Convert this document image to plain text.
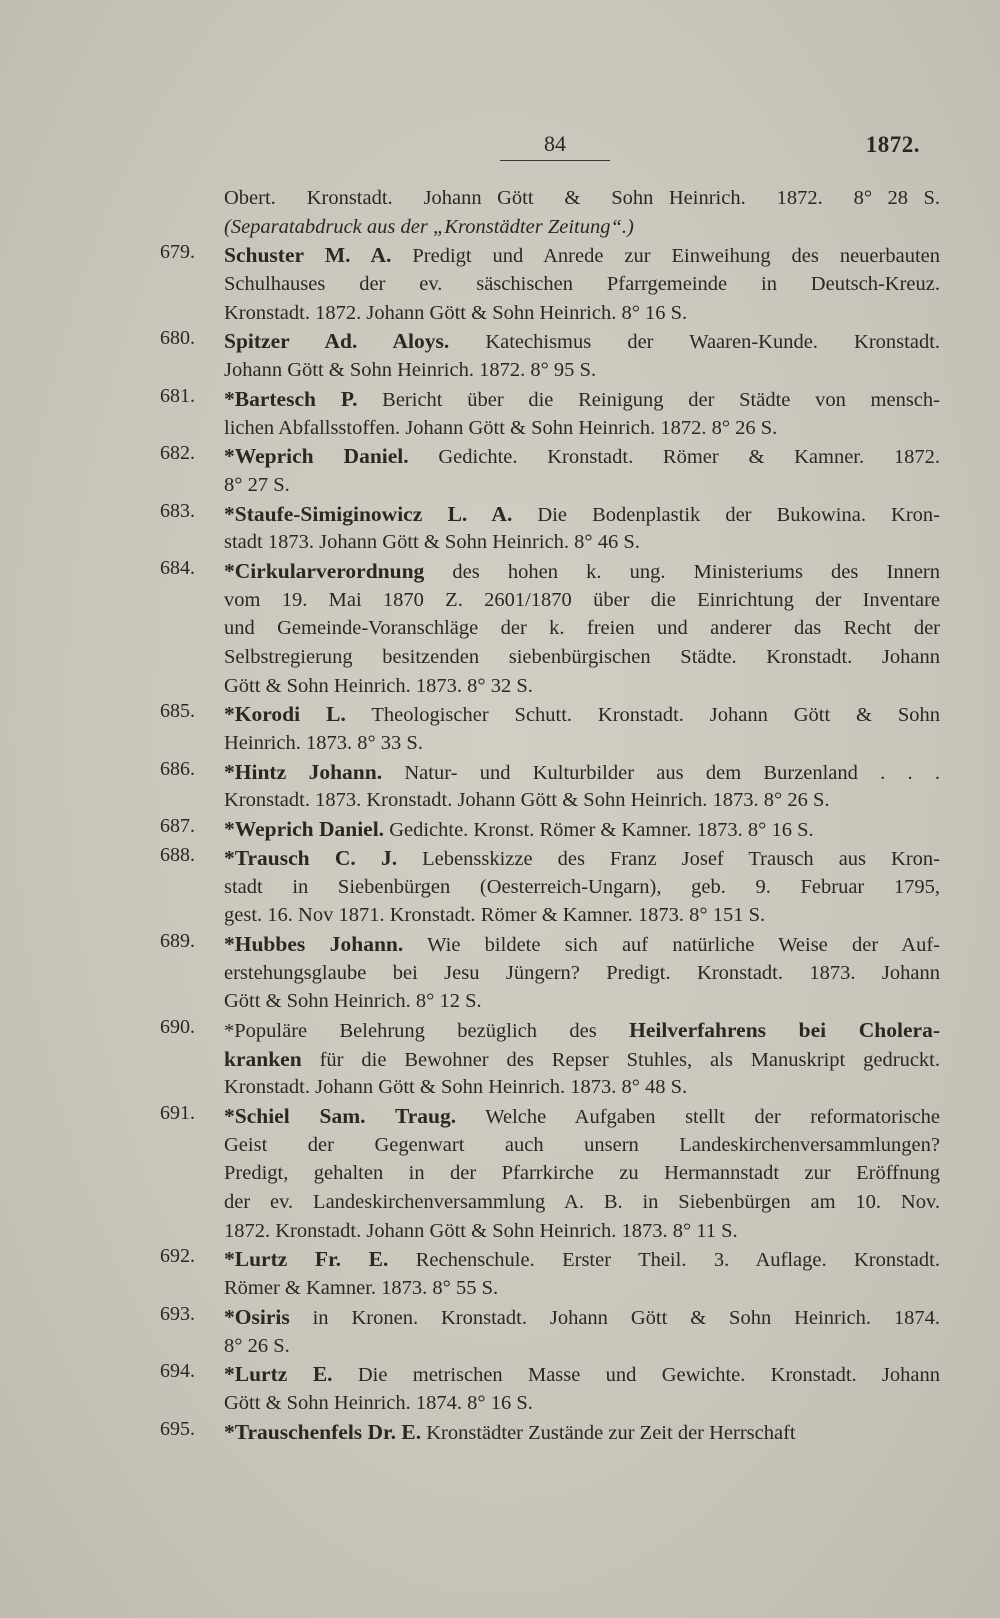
84	1872.
Obert.  Kronstadt.  Johann Gött  &  Sohn Heinrich.  1872.  8° 28 S.
(Separatabdruck aus der „Kronstädter Zeitung“.)
679. Schuster M. A. Predigt und Anrede zur Einweihung des neuerbauten
Schulhauses der ev. säschischen Pfarrgemeinde in Deutsch-Kreuz.
Kronstadt. 1872. Johann Gött & Sohn Heinrich. 8° 16 S.
680. Spitzer Ad. Aloys. Katechismus der Waaren-Kunde. Kronstadt.
Johann Gött & Sohn Heinrich. 1872. 8° 95 S.
681. *Bartesch P. Bericht über die Reinigung der Städte von mensch-
lichen Abfallsstoffen. Johann Gött & Sohn Heinrich. 1872. 8° 26 S.
682. *Weprich Daniel. Gedichte. Kronstadt. Römer & Kamner. 1872.
8° 27 S.
683. *Staufe-Simiginowicz L. A. Die Bodenplastik der Bukowina. Kron-
stadt 1873. Johann Gött & Sohn Heinrich. 8° 46 S.
684. *Cirkularverordnung des hohen k. ung. Ministeriums des Innern
vom 19. Mai 1870 Z. 2601/1870 über die Einrichtung der Inventare
und Gemeinde-Voranschläge der k. freien und anderer das Recht der
Selbstregierung besitzenden siebenbürgischen Städte. Kronstadt. Johann
Gött & Sohn Heinrich. 1873. 8° 32 S.
685. *Korodi L. Theologischer Schutt. Kronstadt. Johann Gött & Sohn
Heinrich. 1873. 8° 33 S.
686. *Hintz Johann. Natur- und Kulturbilder aus dem Burzenland . . .
Kronstadt. 1873. Kronstadt. Johann Gött & Sohn Heinrich. 1873. 8° 26 S.
687. *Weprich Daniel. Gedichte. Kronst. Römer & Kamner. 1873. 8° 16 S.
688. *Trausch C. J. Lebensskizze des Franz Josef Trausch aus Kron-
stadt in Siebenbürgen (Oesterreich-Ungarn), geb. 9. Februar 1795,
gest. 16. Nov 1871. Kronstadt. Römer & Kamner. 1873. 8° 151 S.
689. *Hubbes Johann. Wie bildete sich auf natürliche Weise der Auf-
erstehungsglaube bei Jesu Jüngern? Predigt. Kronstadt. 1873. Johann
Gött & Sohn Heinrich. 8° 12 S.
690. *Populäre Belehrung bezüglich des Heilverfahrens bei Cholera-
kranken für die Bewohner des Repser Stuhles, als Manuskript gedruckt.
Kronstadt. Johann Gött & Sohn Heinrich. 1873. 8° 48 S.
691. *Schiel Sam. Traug. Welche Aufgaben stellt der reformatorische
Geist der Gegenwart auch unsern Landeskirchenversammlungen?
Predigt, gehalten in der Pfarrkirche zu Hermannstadt zur Eröffnung
der ev. Landeskirchenversammlung A. B. in Siebenbürgen am 10. Nov.
1872. Kronstadt. Johann Gött & Sohn Heinrich. 1873. 8° 11 S.
692. *Lurtz Fr. E. Rechenschule. Erster Theil. 3. Auflage. Kronstadt.
Römer & Kamner. 1873. 8° 55 S.
693. *Osiris in Kronen. Kronstadt. Johann Gött & Sohn Heinrich. 1874.
8° 26 S.
694. *Lurtz E. Die metrischen Masse und Gewichte. Kronstadt. Johann
Gött & Sohn Heinrich. 1874. 8° 16 S.
695. *Trauschenfels Dr. E. Kronstädter Zustände zur Zeit der Herrschaft
